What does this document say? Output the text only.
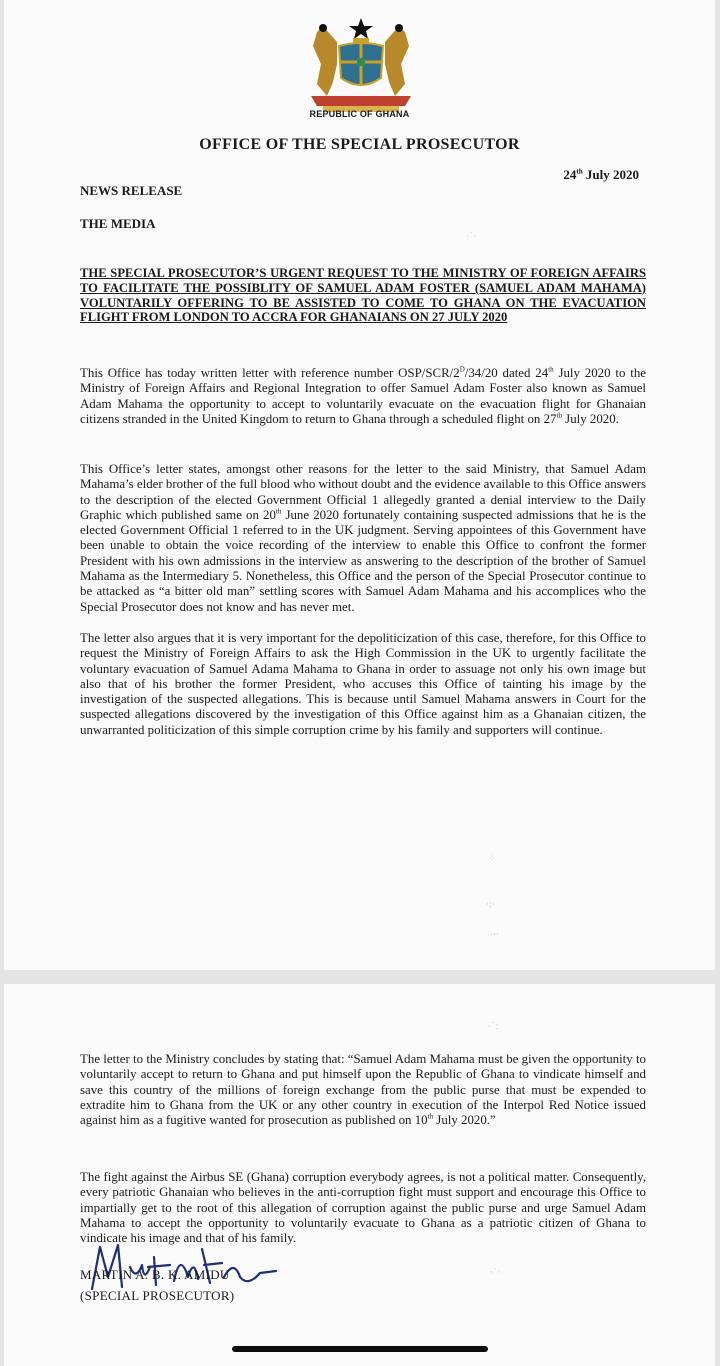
REPUBLIC OF GHANA
OFFICE OF THE SPECIAL PROSECUTOR
24th July 2020
NEWS RELEASE
THE MEDIA
THE SPECIAL PROSECUTOR’S URGENT REQUEST TO THE MINISTRY OF FOREIGN AFFAIRS TO FACILITATE THE POSSIBLITY OF SAMUEL ADAM FOSTER (SAMUEL ADAM MAHAMA) VOLUNTARILY OFFERING TO BE ASSISTED TO COME TO GHANA ON THE EVACUATION FLIGHT FROM LONDON TO ACCRA FOR GHANAIANS ON 27 JULY 2020

This Office has today written letter with reference number OSP/$SCR/2^D/34/20$ dated 24th July 2020 to the Ministry of Foreign Affairs and Regional Integration to offer Samuel Adam Foster also known as Samuel Adam Mahama the opportunity to accept to voluntarily evacuate on the evacuation flight for Ghanaian citizens stranded in the United Kingdom to return to Ghana through a scheduled flight on 27th July 2020.

This Office’s letter states, amongst other reasons for the letter to the said Ministry, that Samuel Adam Mahama’s elder brother of the full blood who without doubt and the evidence available to this Office answers to the description of the elected Government Official 1 allegedly granted a denial interview to the Daily Graphic which published same on 20th June 2020 fortunately containing suspected admissions that he is the elected Government Official 1 referred to in the UK judgment. Serving appointees of this Government have been unable to obtain the voice recording of the interview to enable this Office to confront the former President with his own admissions in the interview as answering to the description of the brother of Samuel Mahama as the Intermediary 5. Nonetheless, this Office and the person of the Special Prosecutor continue to be attacked as “a bitter old man” settling scores with Samuel Adam Mahama and his accomplices who the Special Prosecutor does not know and has never met.

The letter also argues that it is very important for the depoliticization of this case, therefore, for this Office to request the Ministry of Foreign Affairs to ask the High Commission in the UK to urgently facilitate the voluntary evacuation of Samuel Adama Mahama to Ghana in order to assuage not only his own image but also that of his brother the former President, who accuses this Office of tainting his image by the investigation of the suspected allegations. This is because until Samuel Mahama answers in Court for the suspected allegations discovered by the investigation of this Office against him as a Ghanaian citizen, the unwarranted politicization of this simple corruption crime by his family and supporters will continue.

·˙·
⁘
·:·
⋯

The letter to the Ministry concludes by stating that: “Samuel Adam Mahama must be given the opportunity to voluntarily accept to return to Ghana and put himself upon the Republic of Ghana to vindicate himself and save this country of the millions of foreign exchange from the public purse that must be expended to extradite him to Ghana from the UK or any other country in execution of the Interpol Red Notice issued against him as a fugitive wanted for prosecution as published on 10th July 2020.”

The fight against the Airbus SE (Ghana) corruption everybody agrees, is not a political matter. Consequently, every patriotic Ghanaian who believes in the anti-corruption fight must support and encourage this Office to impartially get to the root of this allegation of corruption against the public purse and urge Samuel Adam Mahama to accept the opportunity to voluntarily evacuate to Ghana as a patriotic citizen of Ghana to vindicate his image and that of his family.

MARTIN A. B. K. AMIDU
(SPECIAL PROSECUTOR)
·˙:
·˙·
